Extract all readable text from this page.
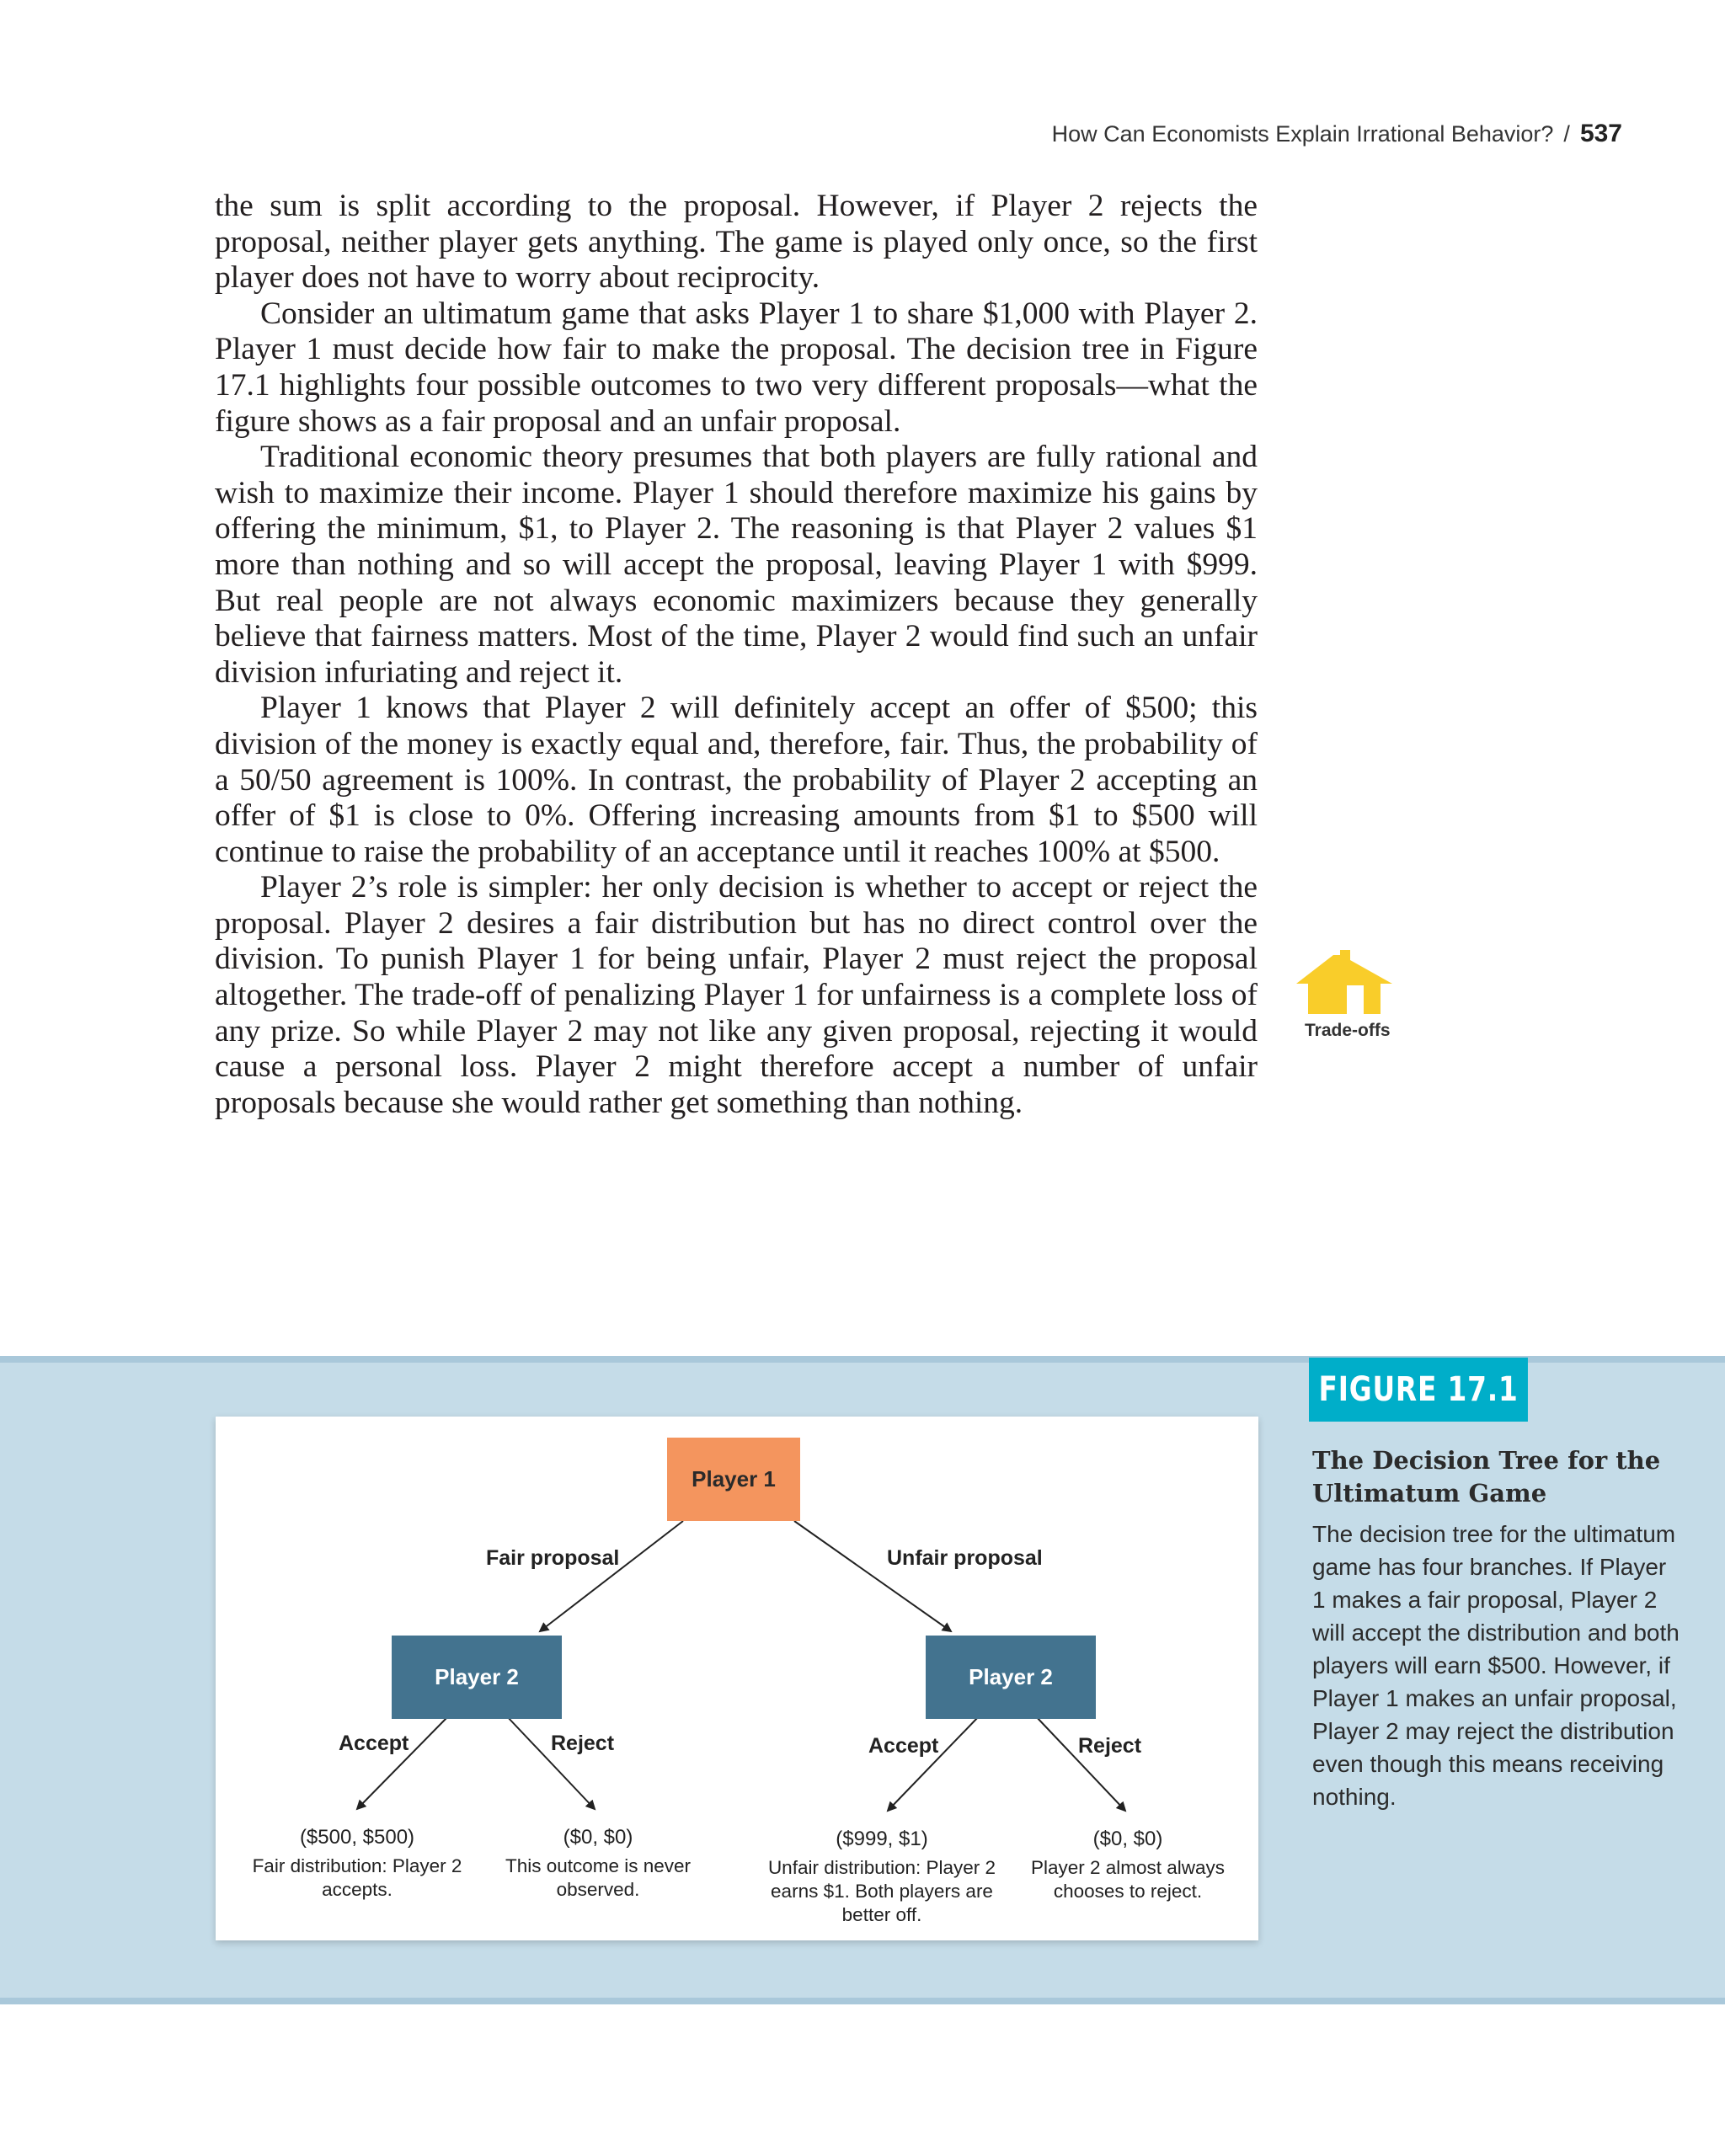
How Can Economists Explain Irrational Behavior? / 537

the sum is split according to the proposal. However, if Player 2 rejects the proposal, neither player gets anything. The game is played only once, so the first player does not have to worry about reciprocity.

Consider an ultimatum game that asks Player 1 to share $1,000 with Player 2. Player 1 must decide how fair to make the proposal. The decision tree in Figure 17.1 highlights four possible outcomes to two very different proposals—what the figure shows as a fair proposal and an unfair proposal.

Traditional economic theory presumes that both players are fully rational and wish to maximize their income. Player 1 should therefore maximize his gains by offering the minimum, $1, to Player 2. The reasoning is that Player 2 values $1 more than nothing and so will accept the proposal, leaving Player 1 with $999. But real people are not always economic maximizers because they generally believe that fairness matters. Most of the time, Player 2 would find such an unfair division infuriating and reject it.

Player 1 knows that Player 2 will definitely accept an offer of $500; this division of the money is exactly equal and, therefore, fair. Thus, the probability of a 50/50 agreement is 100%. In contrast, the probability of Player 2 accepting an offer of $1 is close to 0%. Offering increasing amounts from $1 to $500 will continue to raise the probability of an acceptance until it reaches 100% at $500.

Player 2’s role is simpler: her only decision is whether to accept or reject the proposal. Player 2 desires a fair distribution but has no direct control over the division. To punish Player 1 for being unfair, Player 2 must reject the proposal altogether. The trade-off of penalizing Player 1 for unfairness is a complete loss of any prize. So while Player 2 may not like any given proposal, rejecting it would cause a personal loss. Player 2 might therefore accept a number of unfair proposals because she would rather get something than nothing.

Trade-offs
Player 1
Player 2	Player 2
Fair proposal	Unfair proposal
Accept	Reject	Accept	Reject
($500, $500)
Fair distribution: Player 2 accepts.
($0, $0)
This outcome is never observed.
($999, $1)
Unfair distribution: Player 2 earns $1. Both players are better off.
($0, $0)
Player 2 almost always chooses to reject.
FIGURE 17.1
The Decision Tree for the Ultimatum Game
The decision tree for the ultimatum game has four branches. If Player 1 makes a fair proposal, Player 2 will accept the distribution and both players will earn $500. However, if Player 1 makes an unfair proposal, Player 2 may reject the distribution even though this means receiving nothing.
